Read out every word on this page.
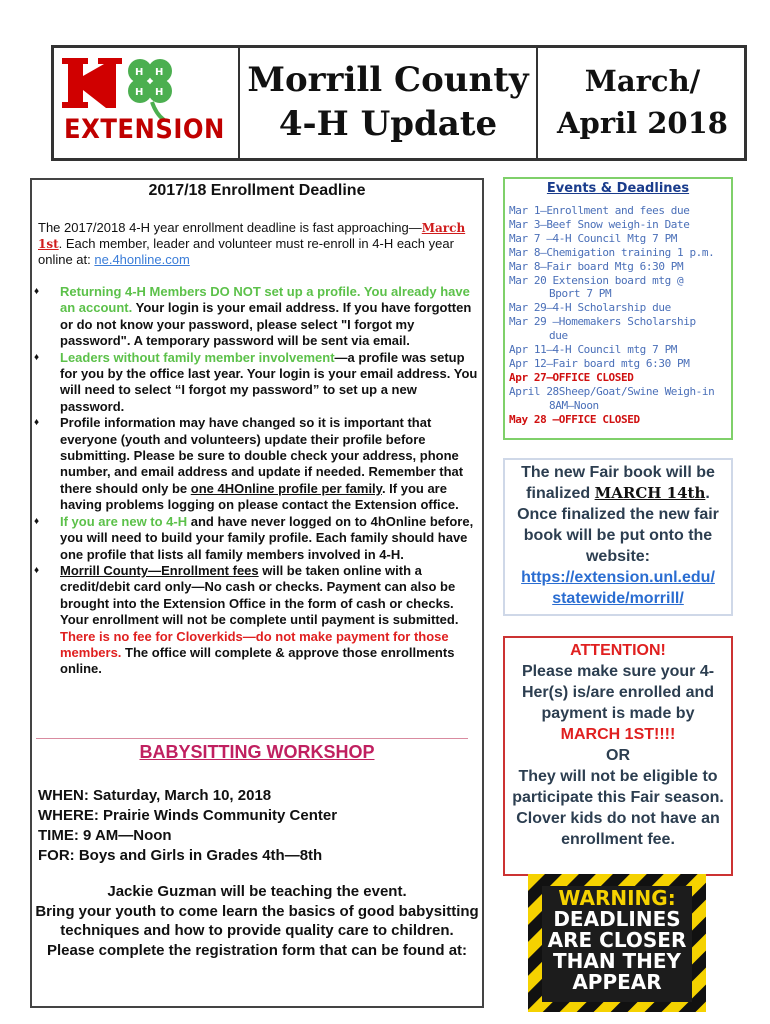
H H
H H
EXTENSION
Morrill County
4-H Update
March/
April 2018
2017/18 Enrollment Deadline
The 2017/2018 4-H year enrollment deadline is fast approaching—March 1st. Each member, leader and volunteer must re-enroll in 4-H each year online at: ne.4honline.com
♦ Returning 4-H Members DO NOT set up a profile. You already have an account. Your login is your email address. If you have forgotten or do not know your password, please select "I forgot my password". A temporary password will be sent via email.
♦ Leaders without family member involvement—a profile was setup for you by the office last year. Your login is your email address. You will need to select “I forgot my password” to set up a new password.
♦ Profile information may have changed so it is important that everyone (youth and volunteers) update their profile before submitting. Please be sure to double check your address, phone number, and email address and update if needed. Remember that there should only be one 4HOnline profile per family. If you are having problems logging on please contact the Extension office.
♦ If you are new to 4-H and have never logged on to 4hOnline before, you will need to build your family profile. Each family should have one profile that lists all family members involved in 4-H.
♦ Morrill County—Enrollment fees will be taken online with a credit/debit card only—No cash or checks. Payment can also be brought into the Extension Office in the form of cash or checks. Your enrollment will not be complete until payment is submitted. There is no fee for Cloverkids—do not make payment for those members. The office will complete & approve those enrollments online.
BABYSITTING WORKSHOP
WHEN: Saturday, March 10, 2018
WHERE: Prairie Winds Community Center
TIME: 9 AM—Noon
FOR: Boys and Girls in Grades 4th—8th
Jackie Guzman will be teaching the event.
Bring your youth to come learn the basics of good babysitting techniques and how to provide quality care to children.
Please complete the registration form that can be found at:
Events & Deadlines
Mar 1—Enrollment and fees due
Mar 3—Beef Snow weigh-in Date
Mar 7 —4-H Council Mtg 7 PM
Mar 8—Chemigation training 1 p.m.
Mar 8—Fair board Mtg 6:30 PM
Mar 20 Extension board mtg @
Bport 7 PM
Mar 29—4-H Scholarship due
Mar 29 —Homemakers Scholarship
due
Apr 11—4-H Council mtg 7 PM
Apr 12—Fair board mtg 6:30 PM
Apr 27—OFFICE CLOSED
April 28Sheep/Goat/Swine Weigh-in
8AM—Noon
May 28 —OFFICE CLOSED
The new Fair book will be finalized MARCH 14th. Once finalized the new fair book will be put onto the website:
https://extension.unl.edu/
statewide/morrill/
ATTENTION!
Please make sure your 4-Her(s) is/are enrolled and payment is made by
MARCH 1ST!!!!
OR
They will not be eligible to participate this Fair season.
Clover kids do not have an enrollment fee.
WARNING:
DEADLINES
ARE CLOSER
THAN THEY
APPEAR
